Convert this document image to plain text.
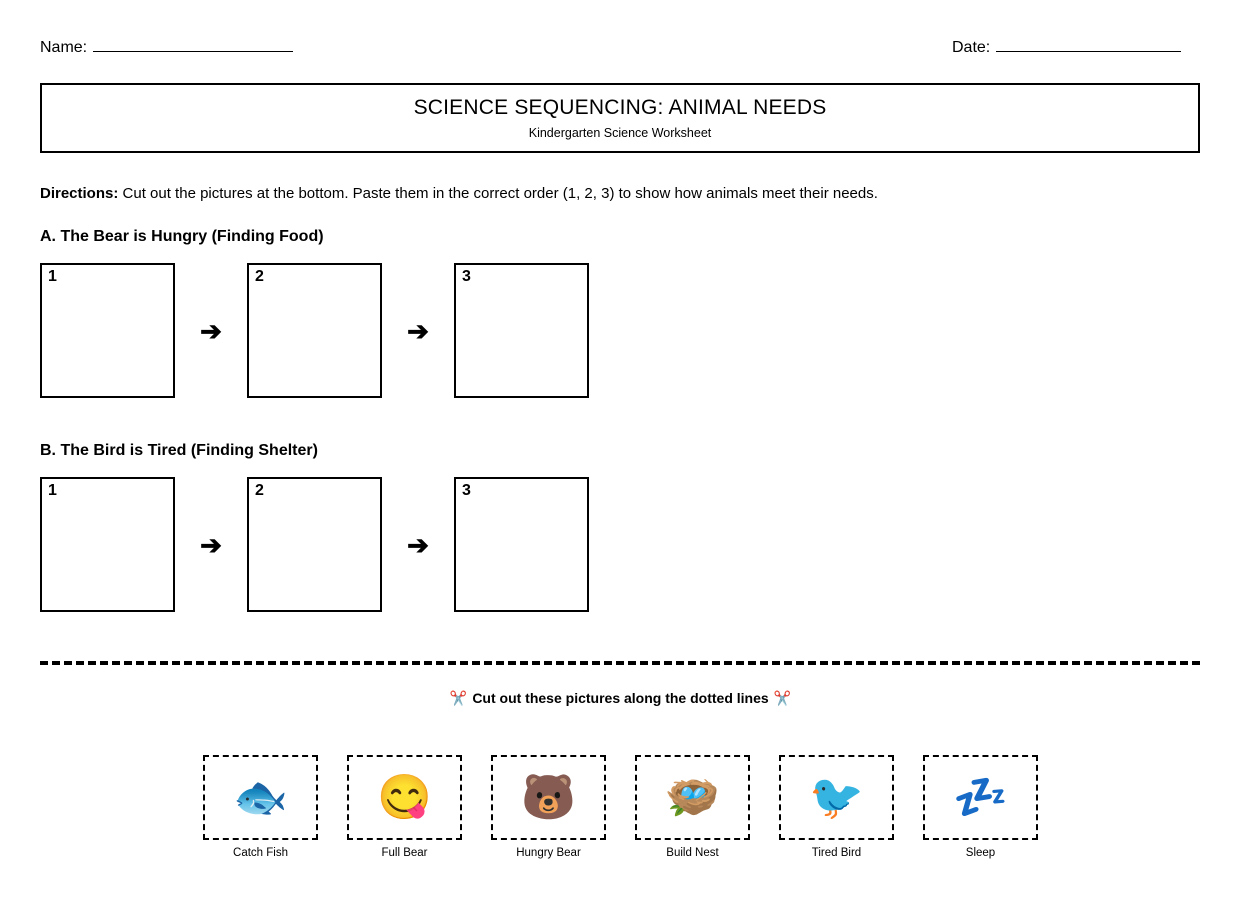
Name:	Date:
SCIENCE SEQUENCING: ANIMAL NEEDS
Kindergarten Science Worksheet
Directions: Cut out the pictures at the bottom. Paste them in the correct order (1, 2, 3) to show how animals meet their needs.
A. The Bear is Hungry (Finding Food)
1
➔
2
➔
3
B. The Bird is Tired (Finding Shelter)
1
➔
2
➔
3
✂️ Cut out these pictures along the dotted lines ✂️
🐟
Catch Fish
😋
Full Bear
🐻
Hungry Bear
🪺
Build Nest
🐦
Tired Bird
💤
Sleep
